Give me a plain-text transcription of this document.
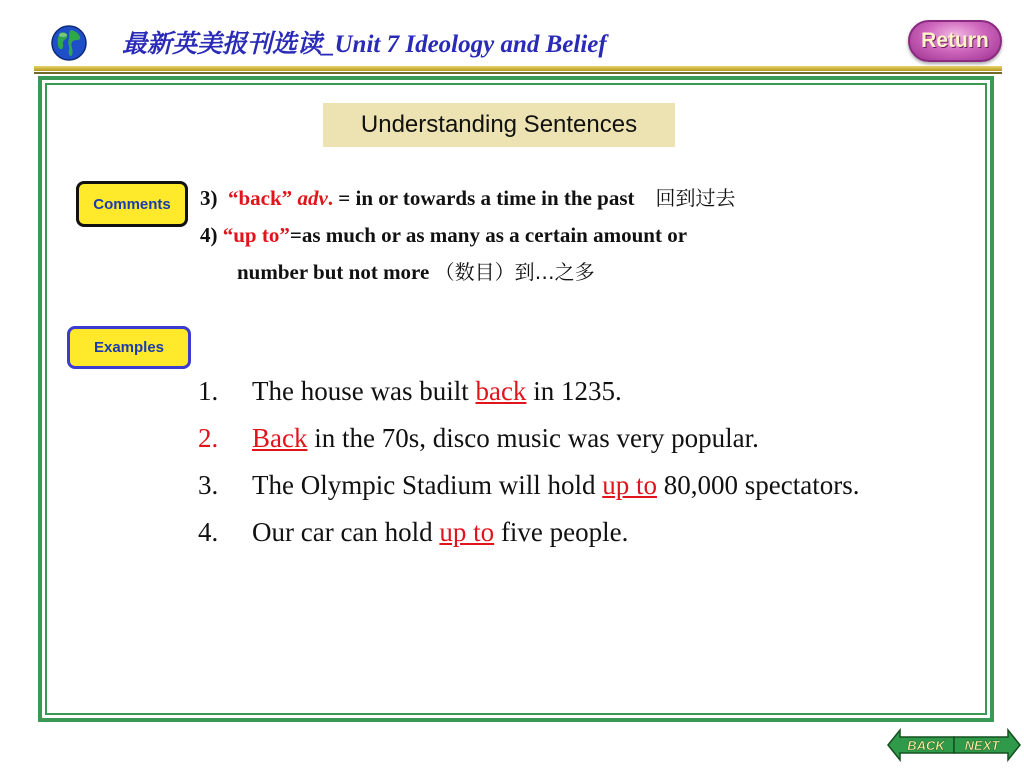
最新英美报刊选读_Unit 7 Ideology and Belief	Return
Understanding Sentences
Comments
Examples
3) “back” adv. = in or towards a time in the past 回到过去
4) “up to”=as much or as many as a certain amount or
number but not more （数目）到…之多
1.	The house was built back in 1235.
2.	Back in the 70s, disco music was very popular.
3.	The Olympic Stadium will hold up to 80,000 spectators.
4.	Our car can hold up to five people.
BACK NEXT
